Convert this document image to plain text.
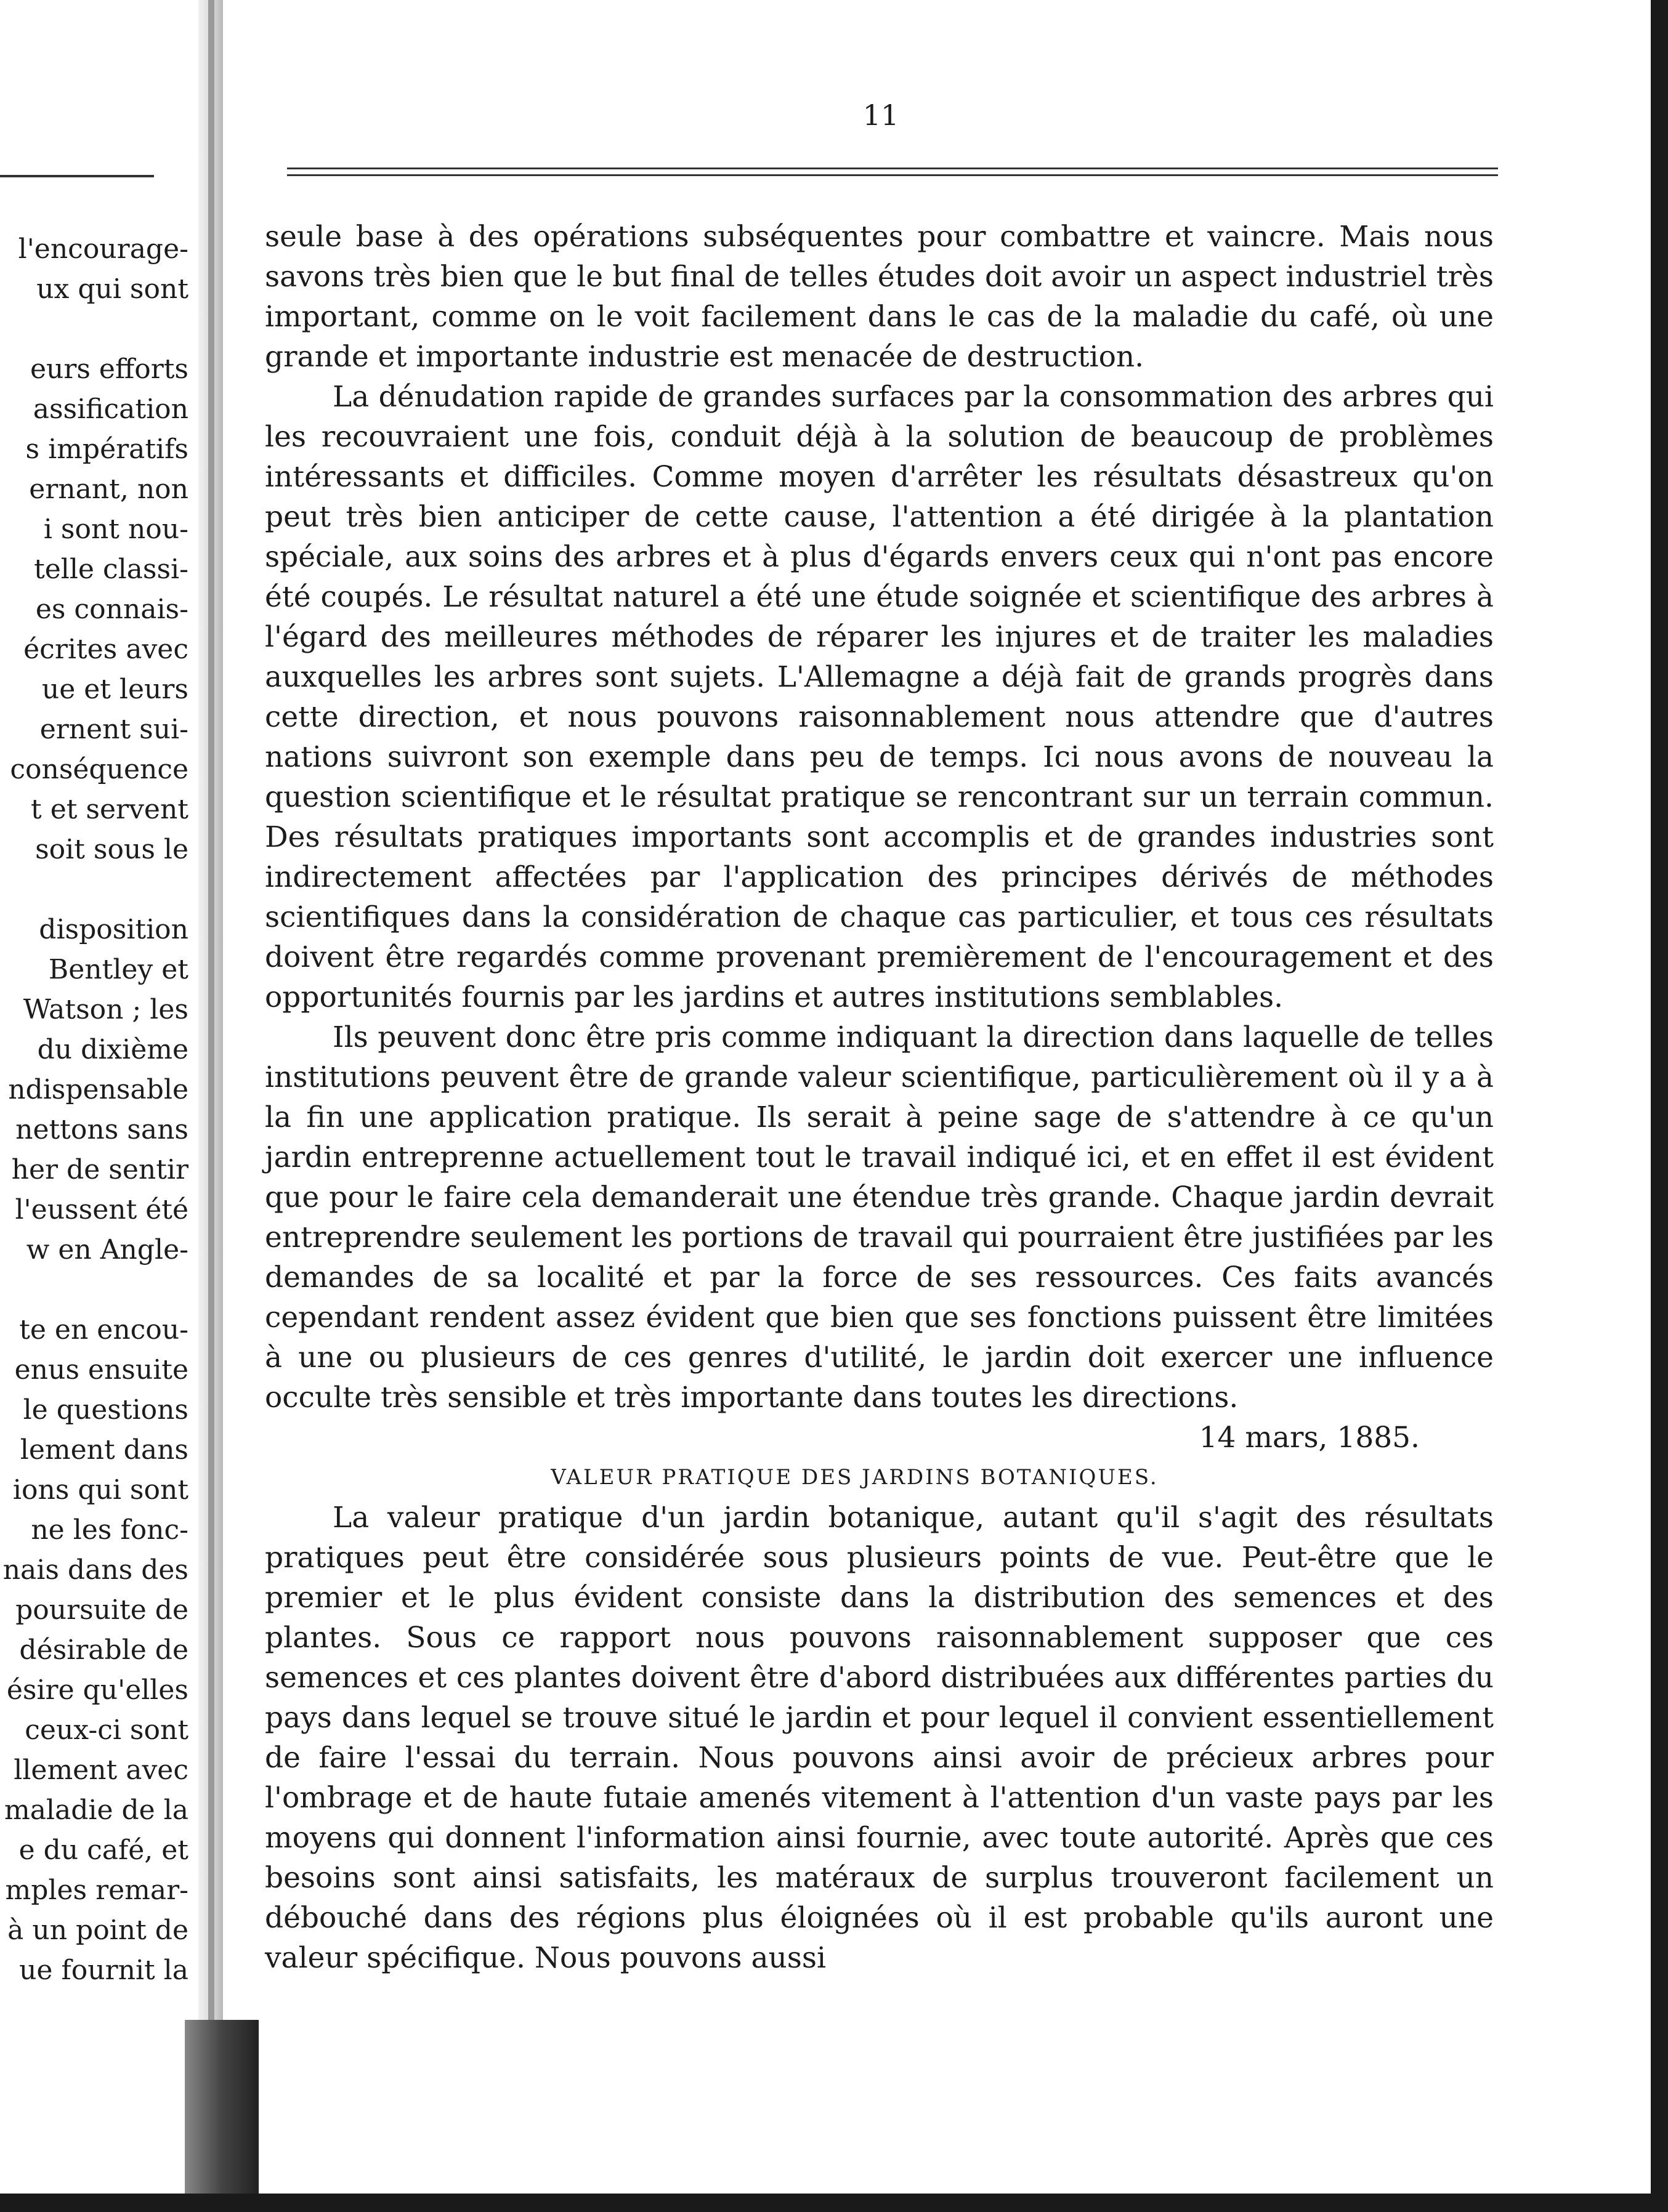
l'encourage-
ux qui sont
eurs efforts
assification
s impératifs
ernant, non
i sont nou-
telle classi-
es connais-
écrites avec
ue et leurs
ernent sui-
conséquence
t et servent
soit sous le
disposition
Bentley et
Watson ; les
du dixième
ndispensable
nettons sans
her de sentir
l'eussent été
w en Angle-
te en encou-
enus ensuite
le questions
lement dans
ions qui sont
ne les fonc-
nais dans des
poursuite de
désirable de
ésire qu'elles
ceux-ci sont
llement avec
maladie de la
e du café, et
mples remar-
à un point de
ue fournit la
11

seule base à des opérations subséquentes pour combattre et vaincre. Mais nous savons très bien que le but final de telles études doit avoir un aspect industriel très important, comme on le voit facilement dans le cas de la maladie du café, où une grande et importante industrie est menacée de destruction.

La dénudation rapide de grandes surfaces par la consommation des arbres qui les recouvraient une fois, conduit déjà à la solution de beaucoup de problèmes intéressants et difficiles. Comme moyen d'arrêter les résultats désastreux qu'on peut très bien anticiper de cette cause, l'attention a été dirigée à la plantation spéciale, aux soins des arbres et à plus d'égards envers ceux qui n'ont pas encore été coupés. Le résultat naturel a été une étude soignée et scientifique des arbres à l'égard des meilleures méthodes de réparer les injures et de traiter les maladies auxquelles les arbres sont sujets. L'Allemagne a déjà fait de grands progrès dans cette direction, et nous pouvons raisonnablement nous attendre que d'autres nations suivront son exemple dans peu de temps. Ici nous avons de nouveau la question scientifique et le résultat pratique se rencontrant sur un terrain commun. Des résultats pratiques importants sont accomplis et de grandes industries sont indirectement affectées par l'application des principes dérivés de méthodes scientifiques dans la considération de chaque cas particulier, et tous ces résultats doivent être regardés comme provenant premièrement de l'encouragement et des opportunités fournis par les jardins et autres institutions semblables.

Ils peuvent donc être pris comme indiquant la direction dans laquelle de telles institutions peuvent être de grande valeur scientifique, particulièrement où il y a à la fin une application pratique. Ils serait à peine sage de s'attendre à ce qu'un jardin entreprenne actuellement tout le travail indiqué ici, et en effet il est évident que pour le faire cela demanderait une étendue très grande. Chaque jardin devrait entreprendre seulement les portions de travail qui pourraient être justifiées par les demandes de sa localité et par la force de ses ressources. Ces faits avancés cependant rendent assez évident que bien que ses fonctions puissent être limitées à une ou plusieurs de ces genres d'utilité, le jardin doit exercer une influence occulte très sensible et très importante dans toutes les directions.

14 mars, 1885.

VALEUR PRATIQUE DES JARDINS BOTANIQUES.

La valeur pratique d'un jardin botanique, autant qu'il s'agit des résultats pratiques peut être considérée sous plusieurs points de vue. Peut-être que le premier et le plus évident consiste dans la distribution des semences et des plantes. Sous ce rapport nous pouvons raisonnablement supposer que ces semences et ces plantes doivent être d'abord distribuées aux différentes parties du pays dans lequel se trouve situé le jardin et pour lequel il convient essentiellement de faire l'essai du terrain. Nous pouvons ainsi avoir de précieux arbres pour l'ombrage et de haute futaie amenés vitement à l'attention d'un vaste pays par les moyens qui donnent l'information ainsi fournie, avec toute autorité. Après que ces besoins sont ainsi satisfaits, les matéraux de surplus trouveront facilement un débouché dans des régions plus éloignées où il est probable qu'ils auront une valeur spécifique. Nous pouvons aussi
